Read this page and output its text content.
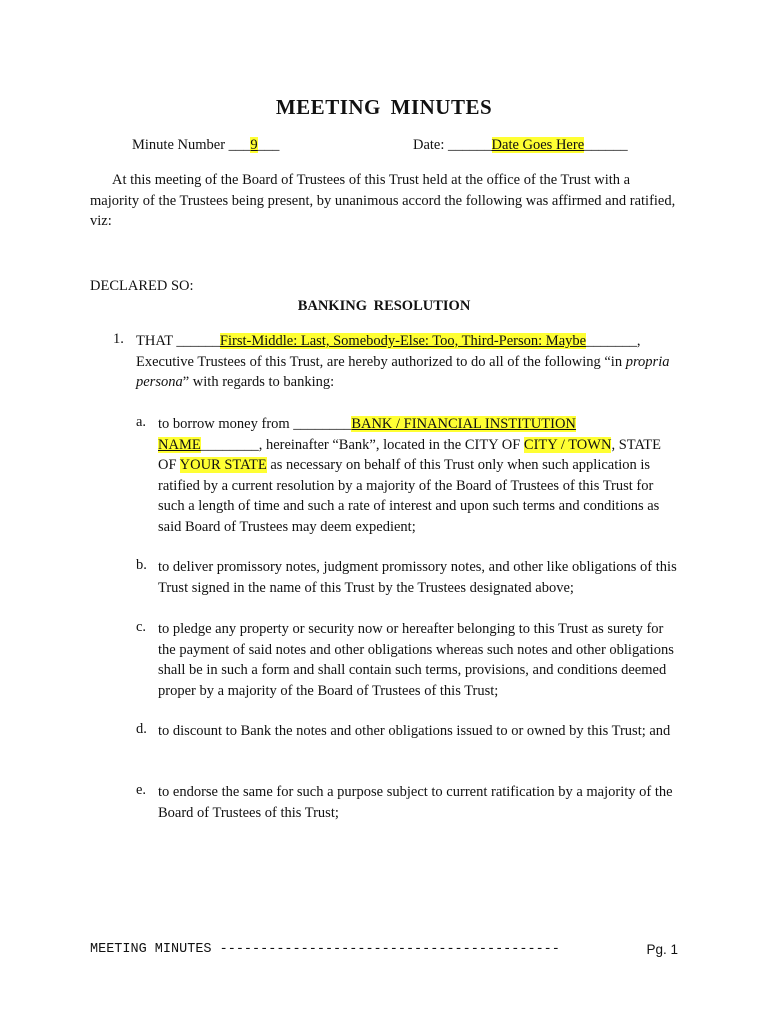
MEETING MINUTES
Minute Number ___9___	Date: ______Date Goes Here______
At this meeting of the Board of Trustees of this Trust held at the office of the Trust with a majority of the Trustees being present, by unanimous accord the following was affirmed and ratified, viz:
DECLARED SO:
BANKING RESOLUTION
1. THAT ______First-Middle: Last, Somebody-Else: Too, Third-Person: Maybe_______, Executive Trustees of this Trust, are hereby authorized to do all of the following “in propria persona” with regards to banking:
a. to borrow money from ________BANK / FINANCIAL INSTITUTION
NAME________, hereinafter “Bank”, located in the CITY OF CITY / TOWN, STATE OF YOUR STATE as necessary on behalf of this Trust only when such application is ratified by a current resolution by a majority of the Board of Trustees of this Trust for such a length of time and such a rate of interest and upon such terms and conditions as said Board of Trustees may deem expedient;
b. to deliver promissory notes, judgment promissory notes, and other like obligations of this Trust signed in the name of this Trust by the Trustees designated above;
c. to pledge any property or security now or hereafter belonging to this Trust as surety for the payment of said notes and other obligations whereas such notes and other obligations shall be in such a form and shall contain such terms, provisions, and conditions deemed proper by a majority of the Board of Trustees of this Trust;
d. to discount to Bank the notes and other obligations issued to or owned by this Trust; and
e. to endorse the same for such a purpose subject to current ratification by a majority of the Board of Trustees of this Trust;
MEETING MINUTES ------------------------------------------	Pg. 1
